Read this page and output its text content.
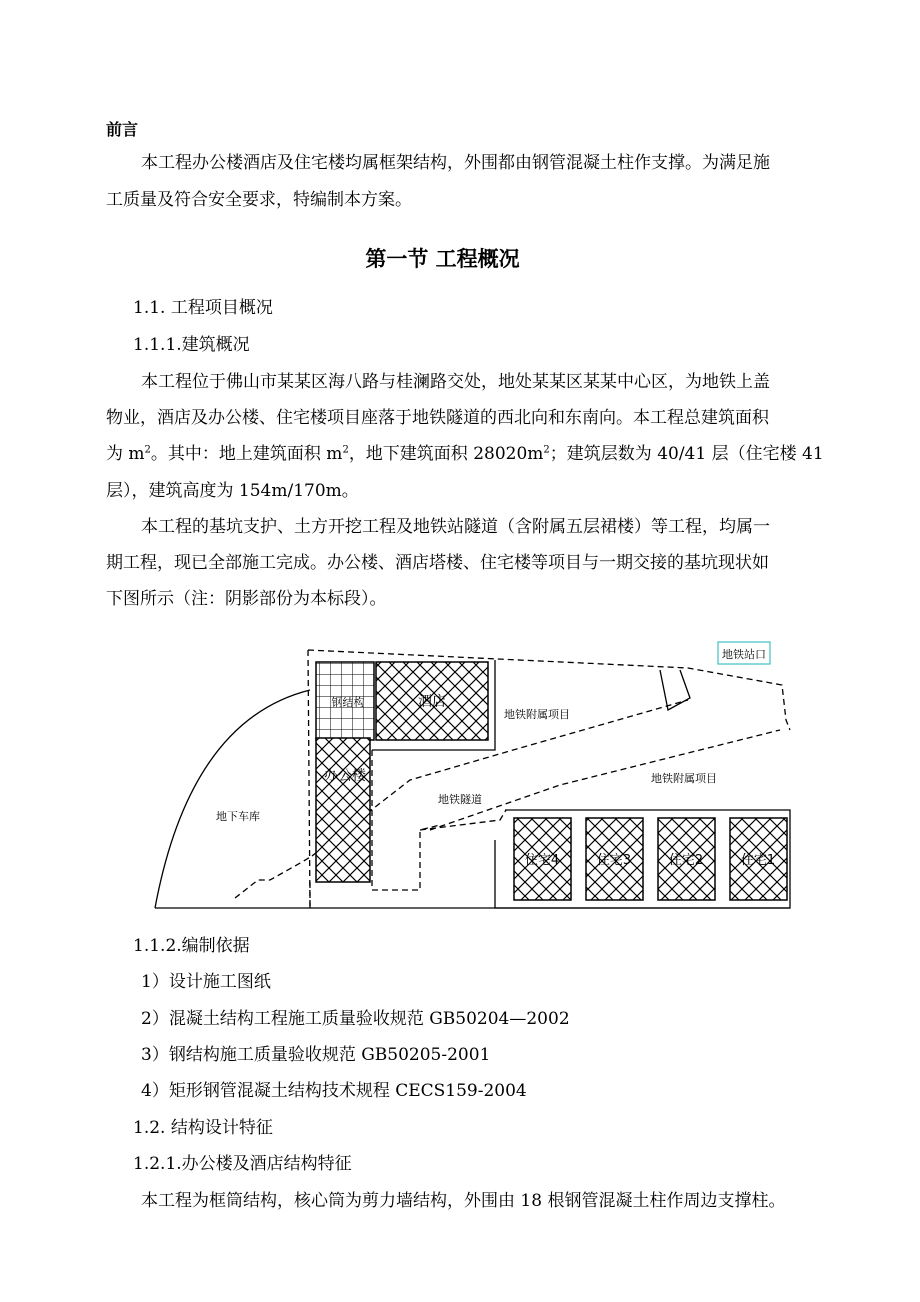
前言
本工程办公楼酒店及住宅楼均属框架结构，外围都由钢管混凝土柱作支撑。为满足施
工质量及符合安全要求，特编制本方案。
第一节 工程概况
1.1. 工程项目概况
1.1.1.建筑概况
本工程位于佛山市某某区海八路与桂澜路交处，地处某某区某某中心区，为地铁上盖
物业，酒店及办公楼、住宅楼项目座落于地铁隧道的西北向和东南向。本工程总建筑面积
为 $m^2$。其中：地上建筑面积 $m^2$，地下建筑面积 $28020m^2$；建筑层数为 40/41 层（住宅楼 41
层），建筑高度为 154m/170m。
本工程的基坑支护、土方开挖工程及地铁站隧道（含附属五层裙楼）等工程，均属一
期工程，现已全部施工完成。办公楼、酒店塔楼、住宅楼等项目与一期交接的基坑现状如
下图所示（注：阴影部份为本标段）。
地铁站口
钢结构	酒店
办公楼
地下车库
地铁隧道
地铁附属项目
地铁附属项目
住宅4	住宅3	住宅2	住宅1
1.1.2.编制依据
1）设计施工图纸
2）混凝土结构工程施工质量验收规范 GB50204—2002
3）钢结构施工质量验收规范 GB50205-2001
4）矩形钢管混凝土结构技术规程 CECS159-2004
1.2. 结构设计特征
1.2.1.办公楼及酒店结构特征
本工程为框筒结构，核心筒为剪力墙结构，外围由 18 根钢管混凝土柱作周边支撑柱。
